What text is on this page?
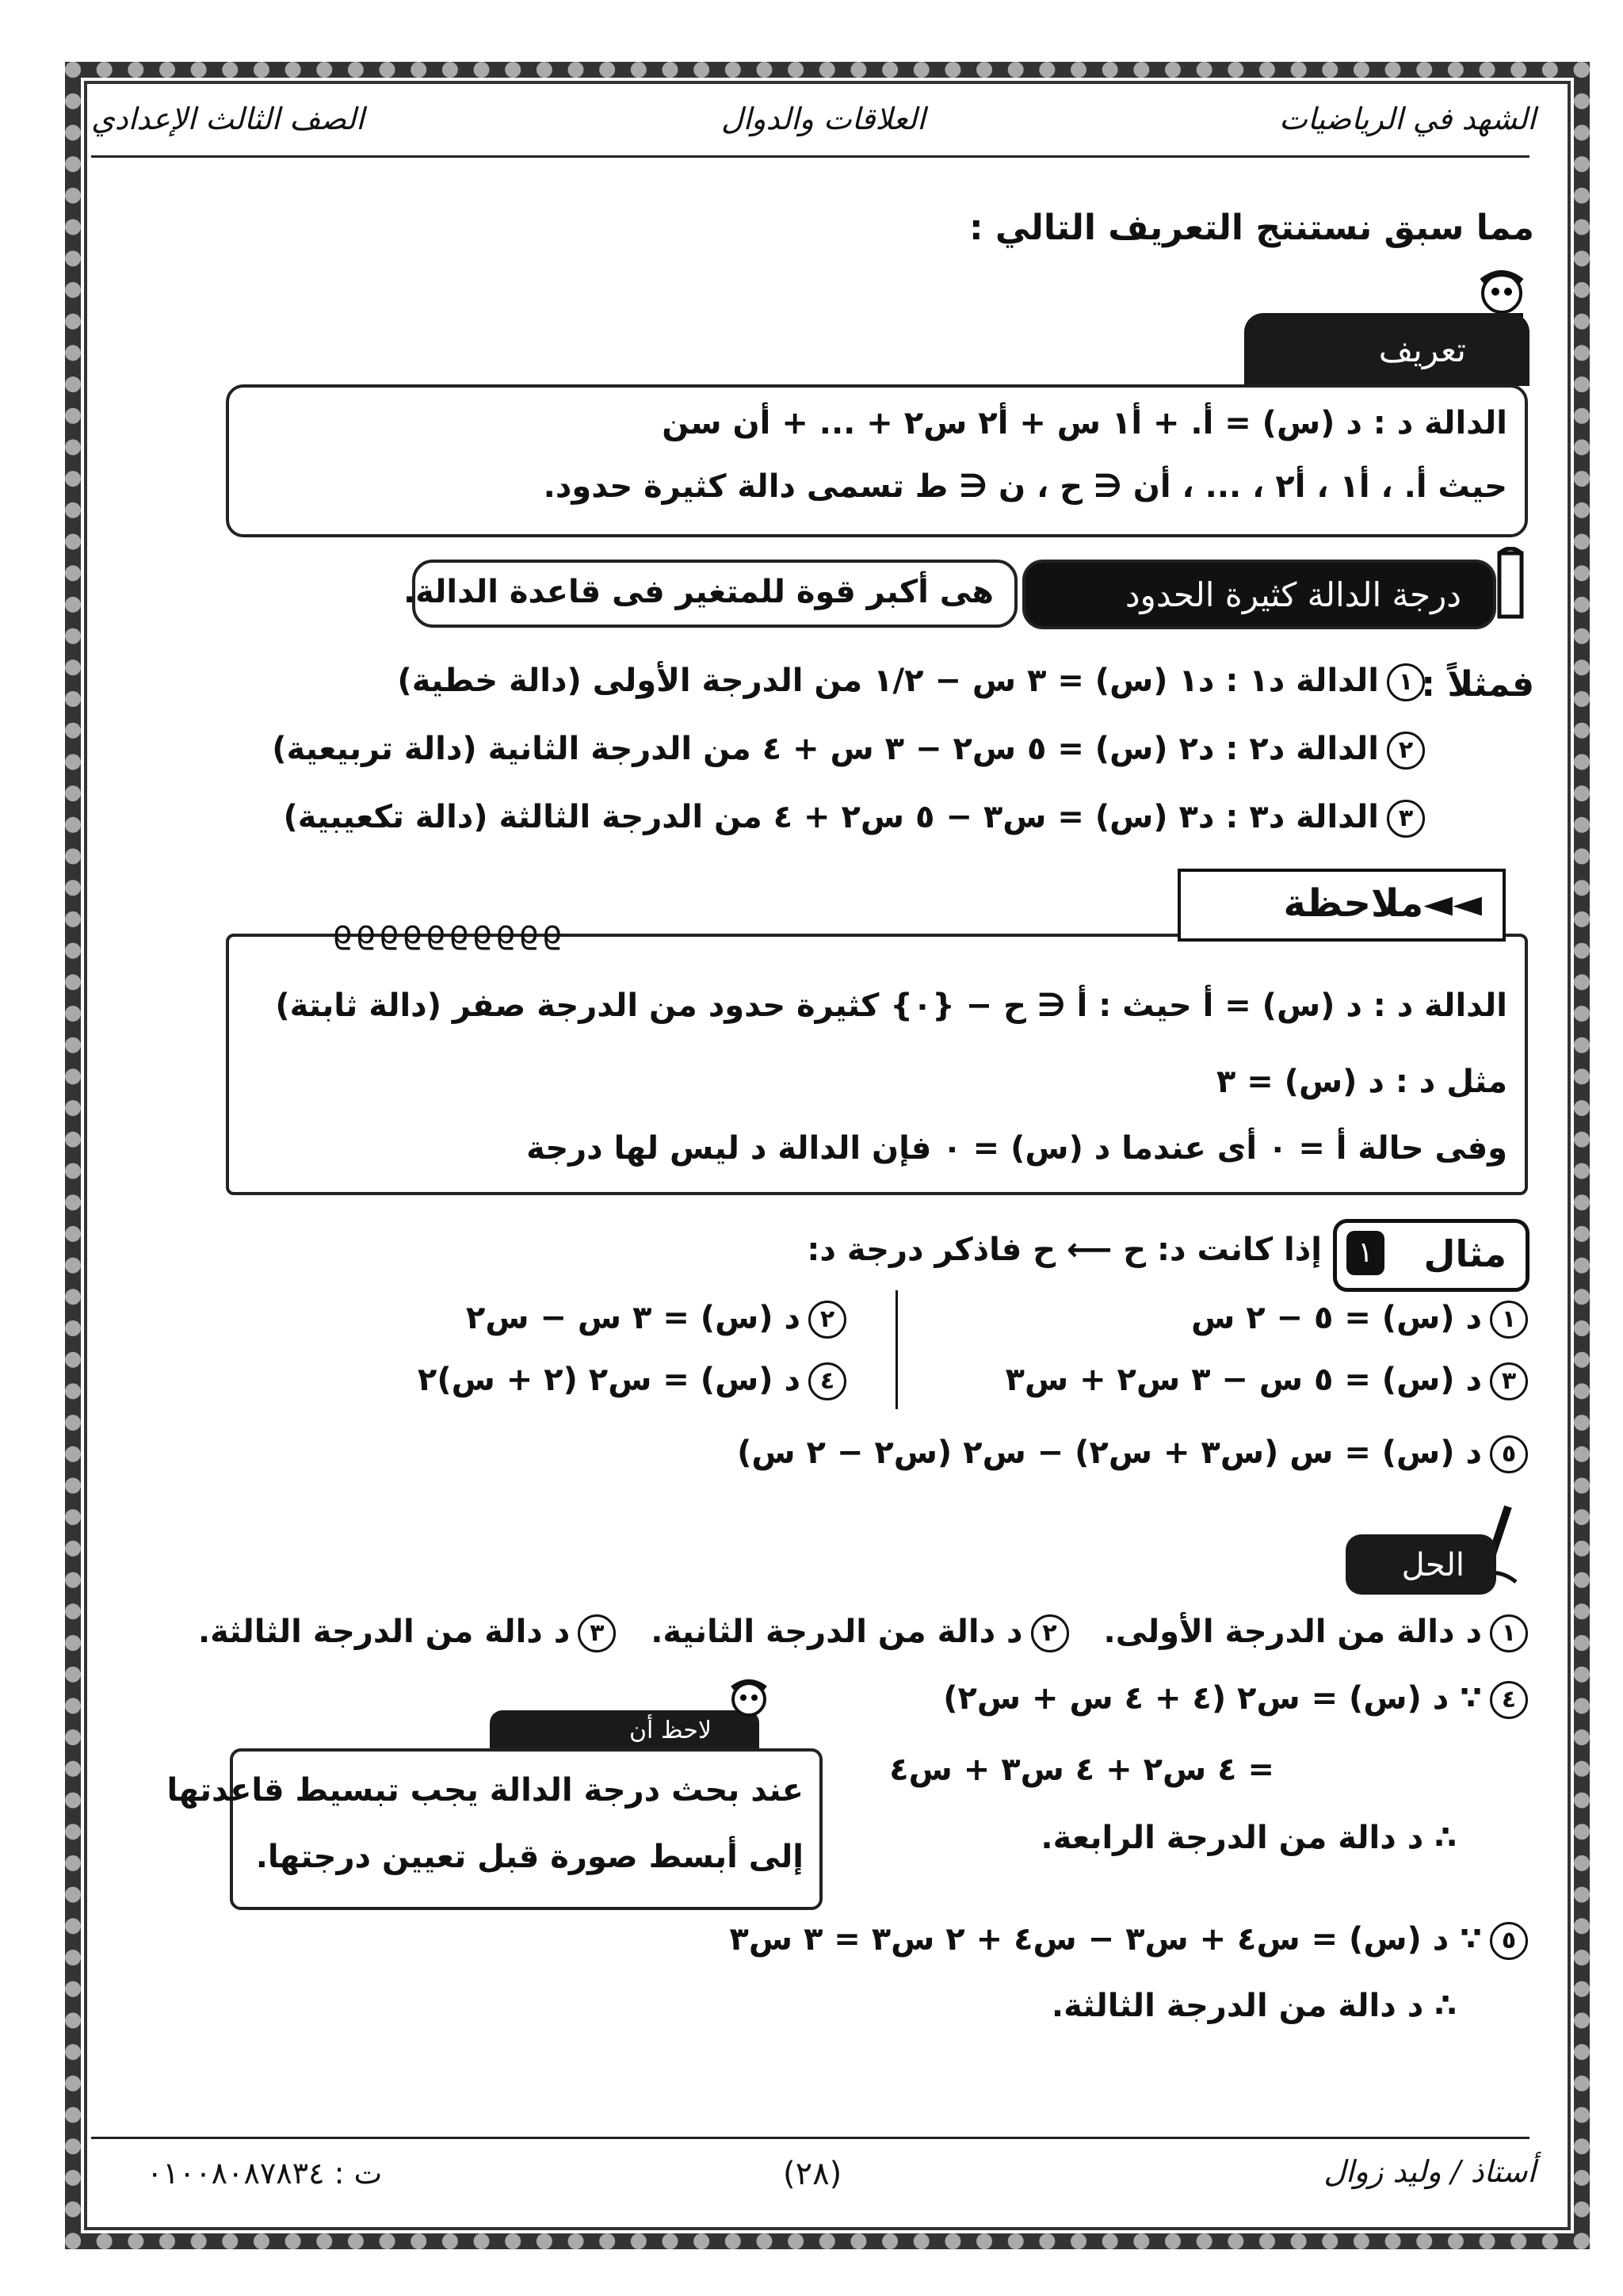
الشهد في الرياضيات
العلاقات والدوال
الصف الثالث الإعدادي
مما سبق نستنتج التعريف التالي :
تعريف
الدالة د : د (س) = أ. + أ١ س + أ٢ س٢ + ... + أن سن
حيث أ. ، أ١ ، أ٢ ، ... ، أن ∈ ح ، ن ∈ ط تسمى دالة كثيرة حدود.
درجة الدالة كثيرة الحدود
هى أكبر قوة للمتغير فى قاعدة الدالة.
فمثلاً :
١الدالة د١ : د١ (س) = ٣ س − ١/٢ من الدرجة الأولى (دالة خطية)
٢الدالة د٢ : د٢ (س) = ٥ س٢ − ٣ س + ٤ من الدرجة الثانية (دالة تربيعية)
٣الدالة د٣ : د٣ (س) = س٣ − ٥ س٢ + ٤ من الدرجة الثالثة (دالة تكعيبية)
ϱϱϱϱϱϱϱϱϱϱ
الدالة د : د (س) = أ حيث : أ ∈ ح − {٠} كثيرة حدود من الدرجة صفر (دالة ثابتة)
مثل د : د (س) = ٣
وفى حالة أ = ٠ أى عندما د (س) = ٠ فإن الدالة د ليس لها درجة
◄◄ملاحظة
مثال
١
إذا كانت د: ح ⟵ ح فاذكر درجة د:
١د (س) = ٥ − ٢ س
٣د (س) = ٥ س − ٣ س٢ + س٣
٢د (س) = ٣ س − س٢
٤د (س) = س٢ (٢ + س)٢
٥د (س) = س (س٣ + س٢) − س٢ (س٢ − ٢ س)
الحل
١د دالة من الدرجة الأولى. ٢د دالة من الدرجة الثانية. ٣د دالة من الدرجة الثالثة.
٤∵ د (س) = س٢ (٤ + ٤ س + س٢)
= ٤ س٢ + ٤ س٣ + س٤
∴ د دالة من الدرجة الرابعة.
٥∵ د (س) = س٤ + س٣ − س٤ + ٢ س٣ = ٣ س٣
∴ د دالة من الدرجة الثالثة.
لاحظ أن
عند بحث درجة الدالة يجب تبسيط قاعدتها
إلى أبسط صورة قبل تعيين درجتها.
أستاذ / وليد زوال
(٢٨)
ت : ٠١٠٠٨٠٨٧٨٣٤
